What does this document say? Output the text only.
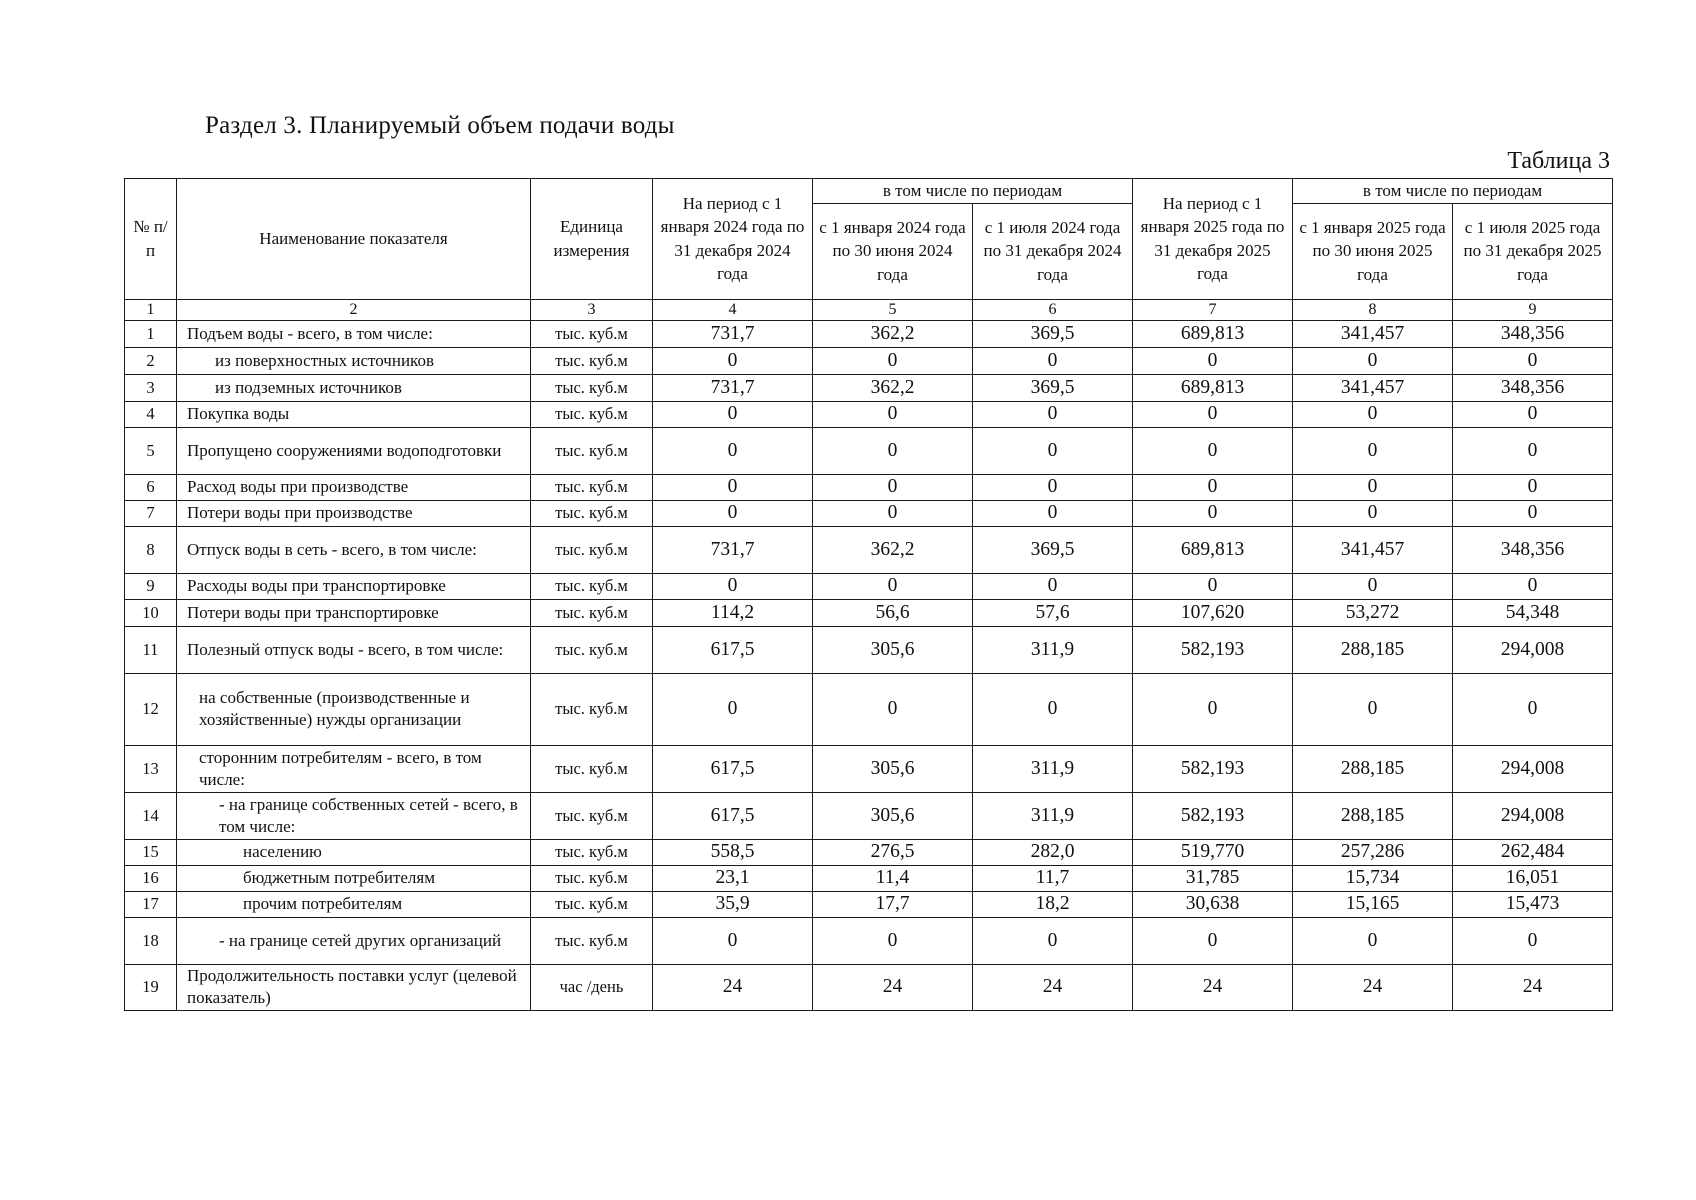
Раздел 3. Планируемый объем подачи воды
Таблица 3
№ п/п	Наименование показателя	Единица измерения	На период с 1 января 2024 года по 31 декабря 2024 года	в том числе по периодам		На период с 1 января 2025 года по 31 декабря 2025 года	в том числе по периодам	
				с 1 января 2024 года по 30 июня 2024 года	с 1 июля 2024 года по 31 декабря 2024 года		с 1 января 2025 года по 30 июня 2025 года	с 1 июля 2025 года по 31 декабря 2025 года
1	2	3	4	5	6	7	8	9
1	Подъем воды - всего, в том числе:	тыс. куб.м	731,7	362,2	369,5	689,813	341,457	348,356
2	из поверхностных источников	тыс. куб.м	0	0	0	0	0	0
3	из подземных источников	тыс. куб.м	731,7	362,2	369,5	689,813	341,457	348,356
4	Покупка воды	тыс. куб.м	0	0	0	0	0	0
5	Пропущено сооружениями водоподготовки	тыс. куб.м	0	0	0	0	0	0
6	Расход воды при производстве	тыс. куб.м	0	0	0	0	0	0
7	Потери воды при производстве	тыс. куб.м	0	0	0	0	0	0
8	Отпуск воды в сеть - всего, в том числе:	тыс. куб.м	731,7	362,2	369,5	689,813	341,457	348,356
9	Расходы воды при транспортировке	тыс. куб.м	0	0	0	0	0	0
10	Потери воды при транспортировке	тыс. куб.м	114,2	56,6	57,6	107,620	53,272	54,348
11	Полезный отпуск воды - всего, в том числе:	тыс. куб.м	617,5	305,6	311,9	582,193	288,185	294,008
12	на собственные (производственные и хозяйственные) нужды организации	тыс. куб.м	0	0	0	0	0	0
13	сторонним потребителям - всего, в том числе:	тыс. куб.м	617,5	305,6	311,9	582,193	288,185	294,008
14	- на границе собственных сетей - всего, в том числе:	тыс. куб.м	617,5	305,6	311,9	582,193	288,185	294,008
15	населению	тыс. куб.м	558,5	276,5	282,0	519,770	257,286	262,484
16	бюджетным потребителям	тыс. куб.м	23,1	11,4	11,7	31,785	15,734	16,051
17	прочим потребителям	тыс. куб.м	35,9	17,7	18,2	30,638	15,165	15,473
18	- на границе сетей других организаций	тыс. куб.м	0	0	0	0	0	0
19	Продолжительность поставки услуг (целевой показатель)	час /день	24	24	24	24	24	24
